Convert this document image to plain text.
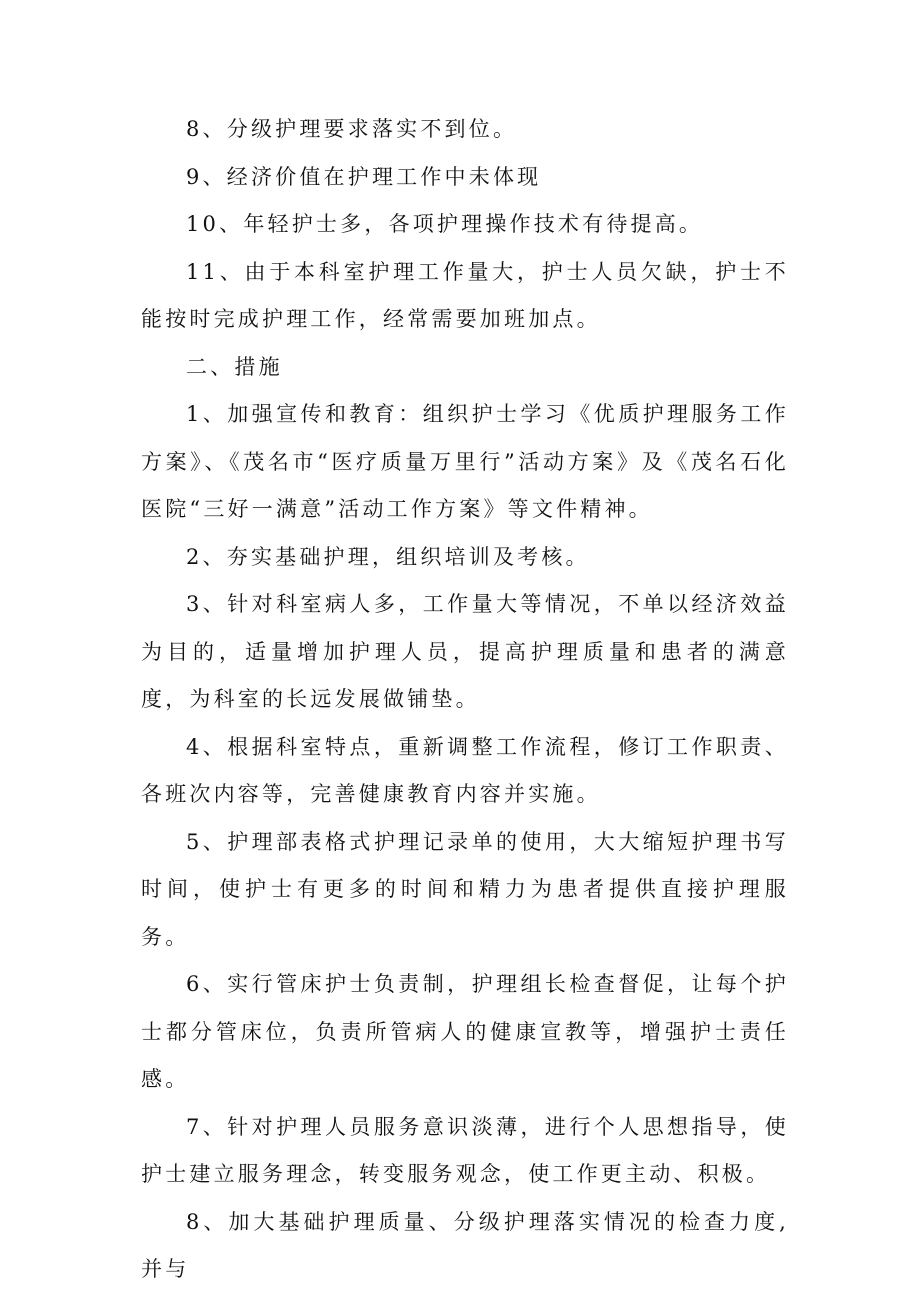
8、分级护理要求落实不到位。

9、经济价值在护理工作中未体现

10、年轻护士多，各项护理操作技术有待提高。

11、由于本科室护理工作量大，护士人员欠缺，护士不能按时完成护理工作，经常需要加班加点。

二、措施

1、加强宣传和教育：组织护士学习《优质护理服务工作方案》、《茂名市“医疗质量万里行”活动方案》及《茂名石化医院“三好一满意”活动工作方案》等文件精神。

2、夯实基础护理，组织培训及考核。

3、针对科室病人多，工作量大等情况，不单以经济效益为目的，适量增加护理人员，提高护理质量和患者的满意度，为科室的长远发展做铺垫。

4、根据科室特点，重新调整工作流程，修订工作职责、各班次内容等，完善健康教育内容并实施。

5、护理部表格式护理记录单的使用，大大缩短护理书写时间，使护士有更多的时间和精力为患者提供直接护理服务。

6、实行管床护士负责制，护理组长检查督促，让每个护士都分管床位，负责所管病人的健康宣教等，增强护士责任感。

7、针对护理人员服务意识淡薄，进行个人思想指导，使护士建立服务理念，转变服务观念，使工作更主动、积极。

8、加大基础护理质量、分级护理落实情况的检查力度,并与
